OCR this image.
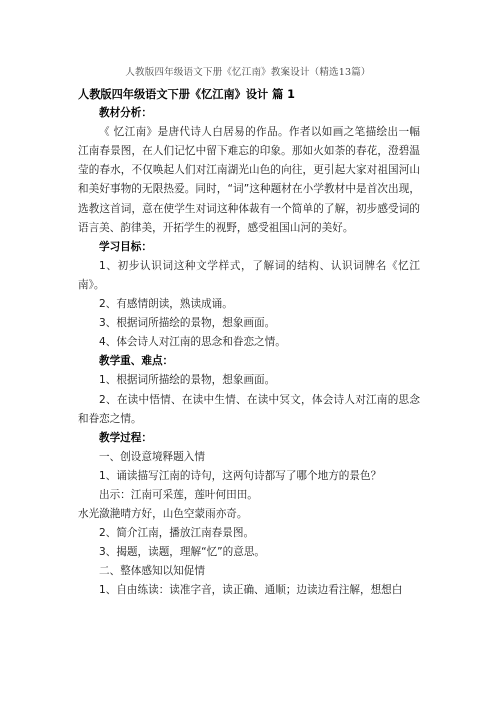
人教版四年级语文下册《忆江南》教案设计（精选13篇）

人教版四年级语文下册《忆江南》设计 篇 1

教材分析：

《 忆江南》是唐代诗人白居易的作品。作者以如画之笔描绘出一幅江南春景图，在人们记忆中留下难忘的印象。那如火如荼的春花，澄碧温莹的春水，不仅唤起人们对江南湖光山色的向往，更引起大家对祖国河山和美好事物的无限热爱。同时，“词”这种题材在小学教材中是首次出现，选教这首词，意在使学生对词这种体裁有一个简单的了解，初步感受词的语言美、韵律美，开拓学生的视野，感受祖国山河的美好。

学习目标：

1、初步认识词这种文学样式，了解词的结构、认识词牌名《忆江南》。

2、有感情朗读，熟读成诵。

3、根据词所描绘的景物，想象画面。

4、体会诗人对江南的思念和眷恋之情。

教学重、难点：

1、根据词所描绘的景物，想象画面。

2、在读中悟情、在读中生情、在读中冥文，体会诗人对江南的思念和眷恋之情。

教学过程：

一、创设意境释题入情

1、诵读描写江南的诗句，这两句诗都写了哪个地方的景色？

出示：江南可采莲，莲叶何田田。

水光潋滟晴方好，山色空蒙雨亦奇。

2、简介江南，播放江南春景图。

3、揭题，读题，理解“忆”的意思。

二、整体感知以知促情

1、自由练读：读准字音，读正确、通顺；边读边看注解，想想白
